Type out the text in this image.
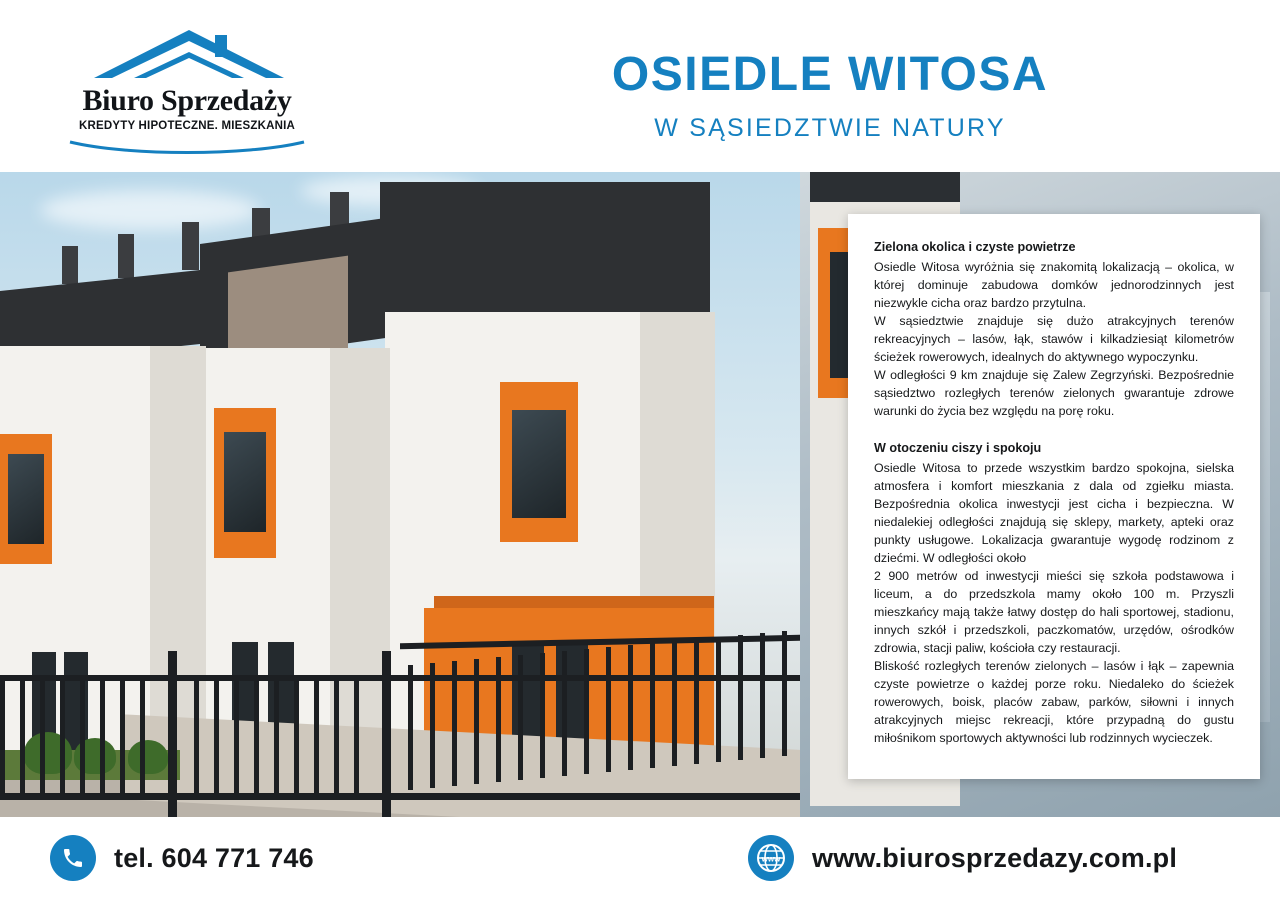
Biuro Sprzedaży
KREDYTY HIPOTECZNE. MIESZKANIA
OSIEDLE WITOSA
W SĄSIEDZTWIE NATURY
Zielona okolica i czyste powietrze

Osiedle Witosa wyróżnia się znakomitą lokalizacją – okolica, w której dominuje zabudowa domków jednorodzinnych jest niezwykle cicha oraz bardzo przytulna.

W sąsiedztwie znajduje się dużo atrakcyjnych terenów rekreacyjnych – lasów, łąk, stawów i kilkadziesiąt kilometrów ścieżek rowerowych, idealnych do aktywnego wypoczynku.

W odległości 9 km znajduje się Zalew Zegrzyński. Bezpośrednie sąsiedztwo rozległych terenów zielonych gwarantuje zdrowe warunki do życia bez względu na porę roku.

W otoczeniu ciszy i spokoju

Osiedle Witosa to przede wszystkim bardzo spokojna, sielska atmosfera i komfort mieszkania z dala od zgiełku miasta. Bezpośrednia okolica inwestycji jest cicha i bezpieczna. W niedalekiej odległości znajdują się sklepy, markety, apteki oraz punkty usługowe. Lokalizacja gwarantuje wygodę rodzinom z dziećmi. W odległości około

2 900 metrów od inwestycji mieści się szkoła podstawowa i liceum, a do przedszkola mamy około 100 m. Przyszli mieszkańcy mają także łatwy dostęp do hali sportowej, stadionu, innych szkół i przedszkoli, paczkomatów, urzędów, ośrodków zdrowia, stacji paliw, kościoła czy restauracji.

Bliskość rozległych terenów zielonych – lasów i łąk – zapewnia czyste powietrze o każdej porze roku. Niedaleko do ścieżek rowerowych, boisk, placów zabaw, parków, siłowni i innych atrakcyjnych miejsc rekreacji, które przypadną do gustu miłośnikom sportowych aktywności lub rodzinnych wycieczek.

tel. 604 771 746	www www.biurosprzedazy.com.pl
